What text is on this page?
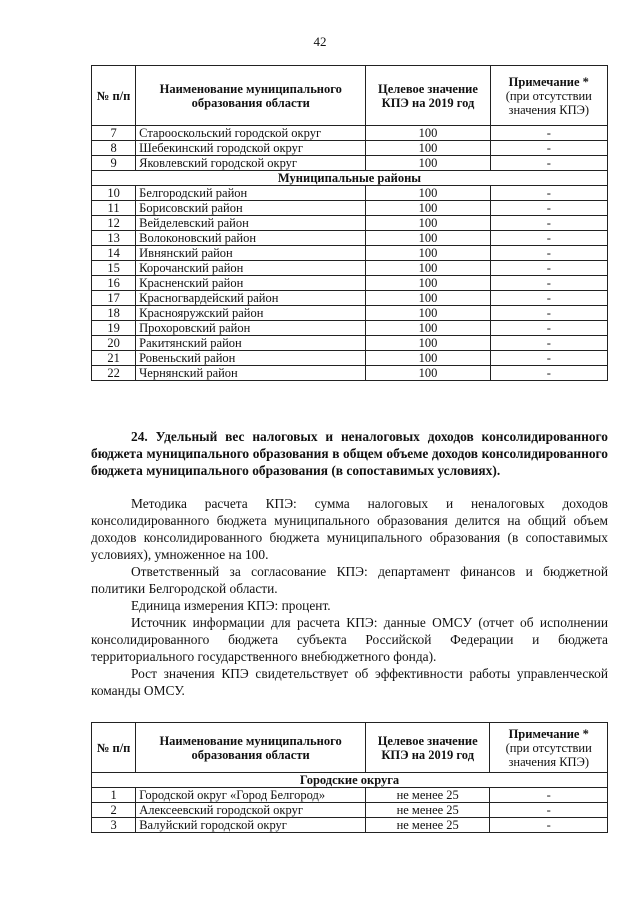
42
№ п/п	Наименование муниципального образования области	Целевое значение КПЭ на 2019 год	Примечание *
(при отсутствии значения КПЭ)
7	Старооскольский городской округ	100	-
8	Шебекинский городской округ	100	-
9	Яковлевский городской округ	100	-
Муниципальные районы			
10	Белгородский район	100	-
11	Борисовский район	100	-
12	Вейделевский район	100	-
13	Волоконовский район	100	-
14	Ивнянский район	100	-
15	Корочанский район	100	-
16	Красненский район	100	-
17	Красногвардейский район	100	-
18	Краснояружский район	100	-
19	Прохоровский район	100	-
20	Ракитянский район	100	-
21	Ровеньский район	100	-
22	Чернянский район	100	-

24. Удельный вес налоговых и неналоговых доходов консолидированного бюджета муниципального образования в общем объеме доходов консолидированного бюджета муниципального образования (в сопоставимых условиях).

Методика расчета КПЭ: сумма налоговых и неналоговых доходов консолидированного бюджета муниципального образования делится на общий объем доходов консолидированного бюджета муниципального образования (в сопоставимых условиях), умноженное на 100.

Ответственный за согласование КПЭ: департамент финансов и бюджетной политики Белгородской области.

Единица измерения КПЭ: процент.

Источник информации для расчета КПЭ: данные ОМСУ (отчет об исполнении консолидированного бюджета субъекта Российской Федерации и бюджета территориального государственного внебюджетного фонда).

Рост значения КПЭ свидетельствует об эффективности работы управленческой команды ОМСУ.

№ п/п	Наименование муниципального образования области	Целевое значение КПЭ на 2019 год	Примечание *
(при отсутствии значения КПЭ)
Городские округа			
1	Городской округ «Город Белгород»	не менее 25	-
2	Алексеевский городской округ	не менее 25	-
3	Валуйский городской округ	не менее 25	-
